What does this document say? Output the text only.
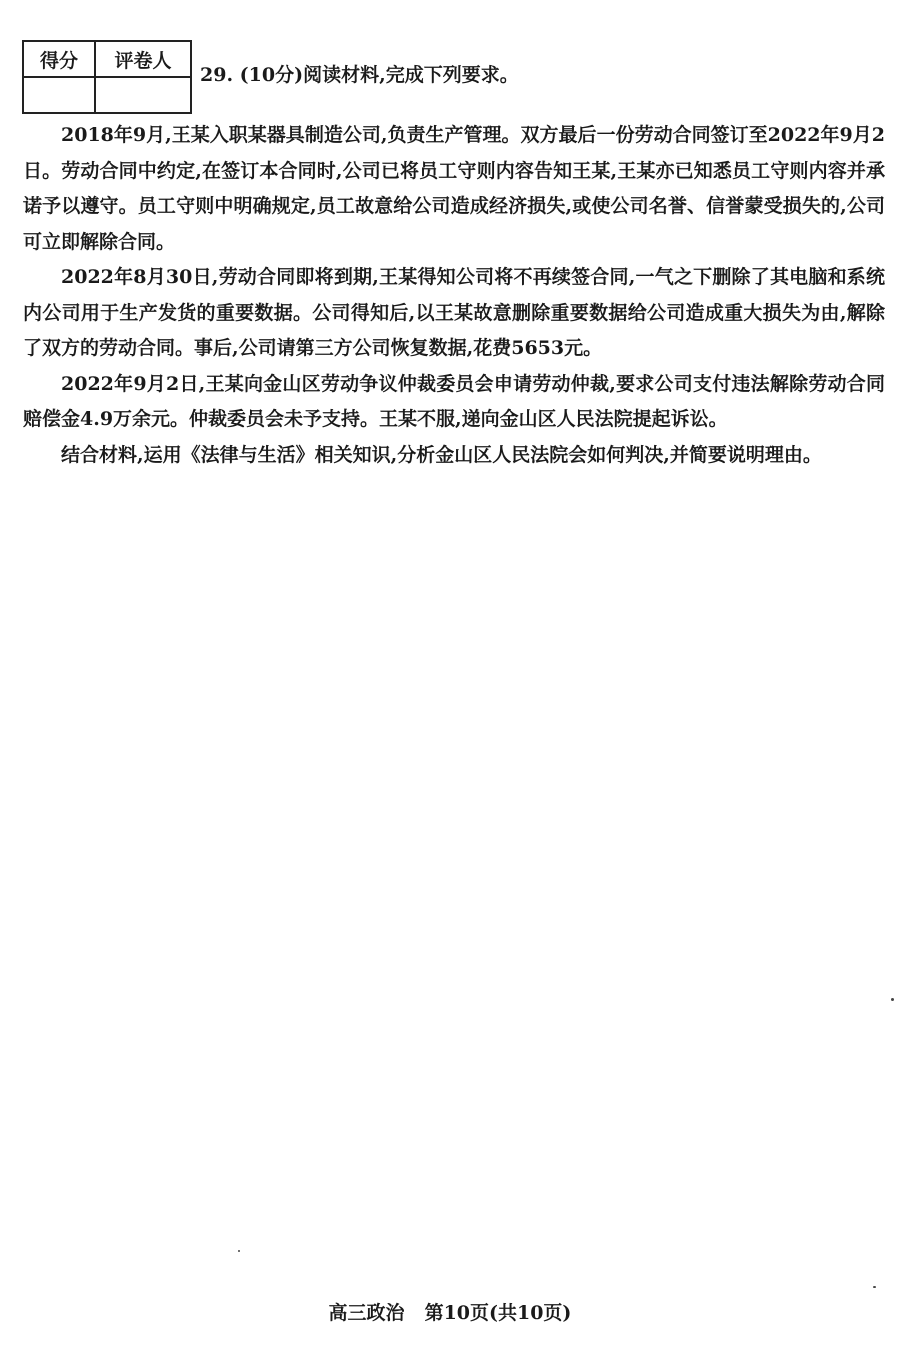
得分	评卷人

29. (10分)阅读材料,完成下列要求。

2018年9月,王某入职某器具制造公司,负责生产管理。双方最后一份劳动合同签订至2022年9月2日。劳动合同中约定,在签订本合同时,公司已将员工守则内容告知王某,王某亦已知悉员工守则内容并承诺予以遵守。员工守则中明确规定,员工故意给公司造成经济损失,或使公司名誉、信誉蒙受损失的,公司可立即解除合同。

2022年8月30日,劳动合同即将到期,王某得知公司将不再续签合同,一气之下删除了其电脑和系统内公司用于生产发货的重要数据。公司得知后,以王某故意删除重要数据给公司造成重大损失为由,解除了双方的劳动合同。事后,公司请第三方公司恢复数据,花费5653元。

2022年9月2日,王某向金山区劳动争议仲裁委员会申请劳动仲裁,要求公司支付违法解除劳动合同赔偿金4.9万余元。仲裁委员会未予支持。王某不服,递向金山区人民法院提起诉讼。

结合材料,运用《法律与生活》相关知识,分析金山区人民法院会如何判决,并简要说明理由。

高三政治 第10页(共10页)
